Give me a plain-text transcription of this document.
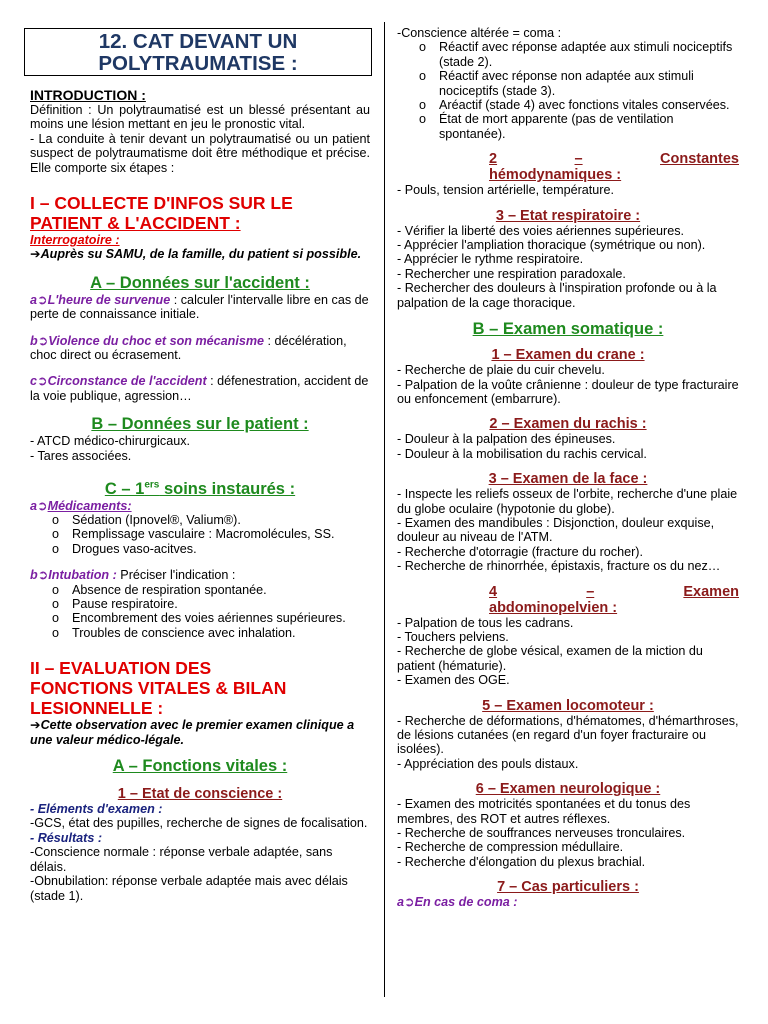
12. CAT DEVANT UN
POLYTRAUMATISE :

INTRODUCTION :

Définition : Un polytraumatisé est un blessé présentant au moins une lésion mettant en jeu le pronostic vital.

- La conduite à tenir devant un polytraumatisé ou un patient suspect de polytraumatisme doit être méthodique et précise. Elle comporte six étapes :

I – COLLECTE D'INFOS SUR LE
PATIENT & L'ACCIDENT :

Interrogatoire :

➔Auprès su SAMU, de la famille, du patient si possible.

A – Données sur l'accident :

a➲L'heure de survenue : calculer l'intervalle libre en cas de perte de connaissance initiale.

b➲Violence du choc et son mécanisme : décélération, choc direct ou écrasement.

c➲Circonstance de l'accident : défenestration, accident de la voie publique, agression…

B – Données sur le patient :

- ATCD médico-chirurgicaux.

- Tares associées.

C – 1ers soins instaurés :

a➲Médicaments:

o Sédation (Ipnovel®, Valium®).
o Remplissage vasculaire : Macromolécules, SS.
o Drogues vaso-acitves.

b➲Intubation : Préciser l'indication :

o Absence de respiration spontanée.
o Pause respiratoire.
o Encombrement des voies aériennes supérieures.
o Troubles de conscience avec inhalation.
II – EVALUATION DES
FONCTIONS VITALES & BILAN
LESIONNELLE :

➔Cette observation avec le premier examen clinique a une valeur médico-légale.

A – Fonctions vitales :
1 – Etat de conscience :

- Eléments d'examen :

-GCS, état des pupilles, recherche de signes de focalisation.

- Résultats :

-Conscience normale : réponse verbale adaptée, sans délais.

-Obnubilation: réponse verbale adaptée mais avec délais (stade 1).

-Conscience altérée = coma :

o Réactif avec réponse adaptée aux stimuli nociceptifs (stade 2).
o Réactif avec réponse non adaptée aux stimuli nociceptifs (stade 3).
o Aréactif (stade 4) avec fonctions vitales conservées.
o État de mort apparente (pas de ventilation spontanée).
2	–	Constantes
hémodynamiques :

- Pouls, tension artérielle, température.

3 – Etat respiratoire :

- Vérifier la liberté des voies aériennes supérieures.

- Apprécier l'ampliation thoracique (symétrique ou non).

- Apprécier le rythme respiratoire.

- Rechercher une respiration paradoxale.

- Rechercher des douleurs à l'inspiration profonde ou à la palpation de la cage thoracique.

B – Examen somatique :
1 – Examen du crane :

- Recherche de plaie du cuir chevelu.

- Palpation de la voûte crânienne : douleur de type fracturaire ou enfoncement (embarrure).

2 – Examen du rachis :

- Douleur à la palpation des épineuses.

- Douleur à la mobilisation du rachis cervical.

3 – Examen de la face :

- Inspecte les reliefs osseux de l'orbite, recherche d'une plaie du globe oculaire (hypotonie du globe).

- Examen des mandibules : Disjonction, douleur exquise, douleur au niveau de l'ATM.

- Recherche d'otorragie (fracture du rocher).

- Recherche de rhinorrhée, épistaxis, fracture os du nez…

4	–	Examen
abdominopelvien :

- Palpation de tous les cadrans.

- Touchers pelviens.

- Recherche de globe vésical, examen de la miction du patient (hématurie).

- Examen des OGE.

5 – Examen locomoteur :

- Recherche de déformations, d'hématomes, d'hémarthroses, de lésions cutanées (en regard d'un foyer fracturaire ou isolées).

- Appréciation des pouls distaux.

6 – Examen neurologique :

- Examen des motricités spontanées et du tonus des membres, des ROT et autres réflexes.

- Recherche de souffrances nerveuses tronculaires.

- Recherche de compression médullaire.

- Recherche d'élongation du plexus brachial.

7 – Cas particuliers :

a➲En cas de coma :
